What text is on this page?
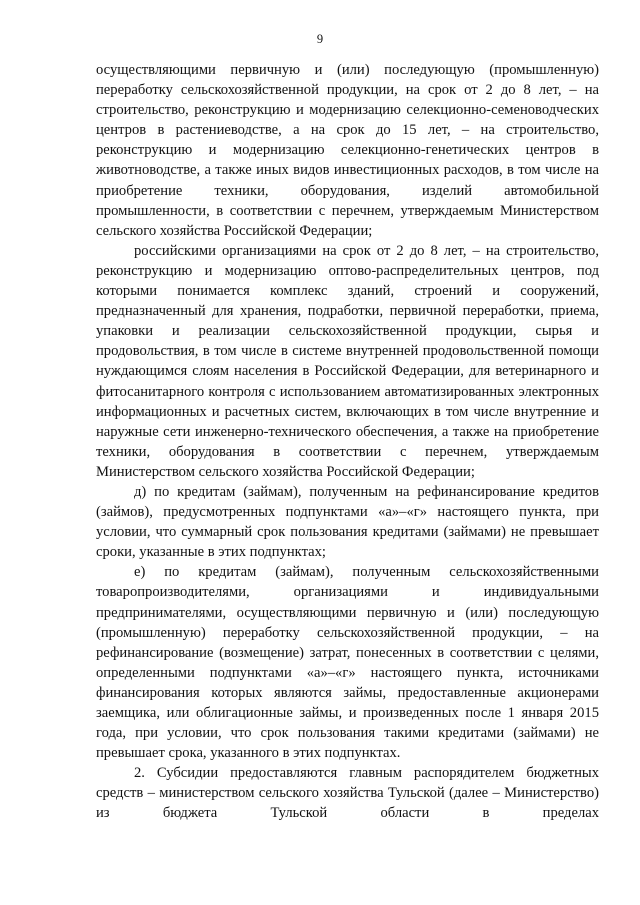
9

осуществляющими первичную и (или) последующую (промышленную) переработку сельскохозяйственной продукции, на срок от 2 до 8 лет, – на строительство, реконструкцию и модернизацию селекционно-семеноводческих центров в растениеводстве, а на срок до 15 лет, – на строительство, реконструкцию и модернизацию селекционно-генетических центров в животноводстве, а также иных видов инвестиционных расходов, в том числе на приобретение техники, оборудования, изделий автомобильной промышленности, в соответствии с перечнем, утверждаемым Министерством сельского хозяйства Российской Федерации;

российскими организациями на срок от 2 до 8 лет, – на строительство, реконструкцию и модернизацию оптово-распределительных центров, под которыми понимается комплекс зданий, строений и сооружений, предназначенный для хранения, подработки, первичной переработки, приема, упаковки и реализации сельскохозяйственной продукции, сырья и продовольствия, в том числе в системе внутренней продовольственной помощи нуждающимся слоям населения в Российской Федерации, для ветеринарного и фитосанитарного контроля с использованием автоматизированных электронных информационных и расчетных систем, включающих в том числе внутренние и наружные сети инженерно-технического обеспечения, а также на приобретение техники, оборудования в соответствии с перечнем, утверждаемым Министерством сельского хозяйства Российской Федерации;

д) по кредитам (займам), полученным на рефинансирование кредитов (займов), предусмотренных подпунктами «а»–«г» настоящего пункта, при условии, что суммарный срок пользования кредитами (займами) не превышает сроки, указанные в этих подпунктах;

е) по кредитам (займам), полученным сельскохозяйственными товаропроизводителями, организациями и индивидуальными предпринимателями, осуществляющими первичную и (или) последующую (промышленную) переработку сельскохозяйственной продукции, – на рефинансирование (возмещение) затрат, понесенных в соответствии с целями, определенными подпунктами «а»–«г» настоящего пункта, источниками финансирования которых являются займы, предоставленные акционерами заемщика, или облигационные займы, и произведенных после 1 января 2015 года, при условии, что срок пользования такими кредитами (займами) не превышает срока, указанного в этих подпунктах.

2. Субсидии предоставляются главным распорядителем бюджетных средств – министерством сельского хозяйства Тульской (далее – Министерство) из бюджета Тульской области в пределах
